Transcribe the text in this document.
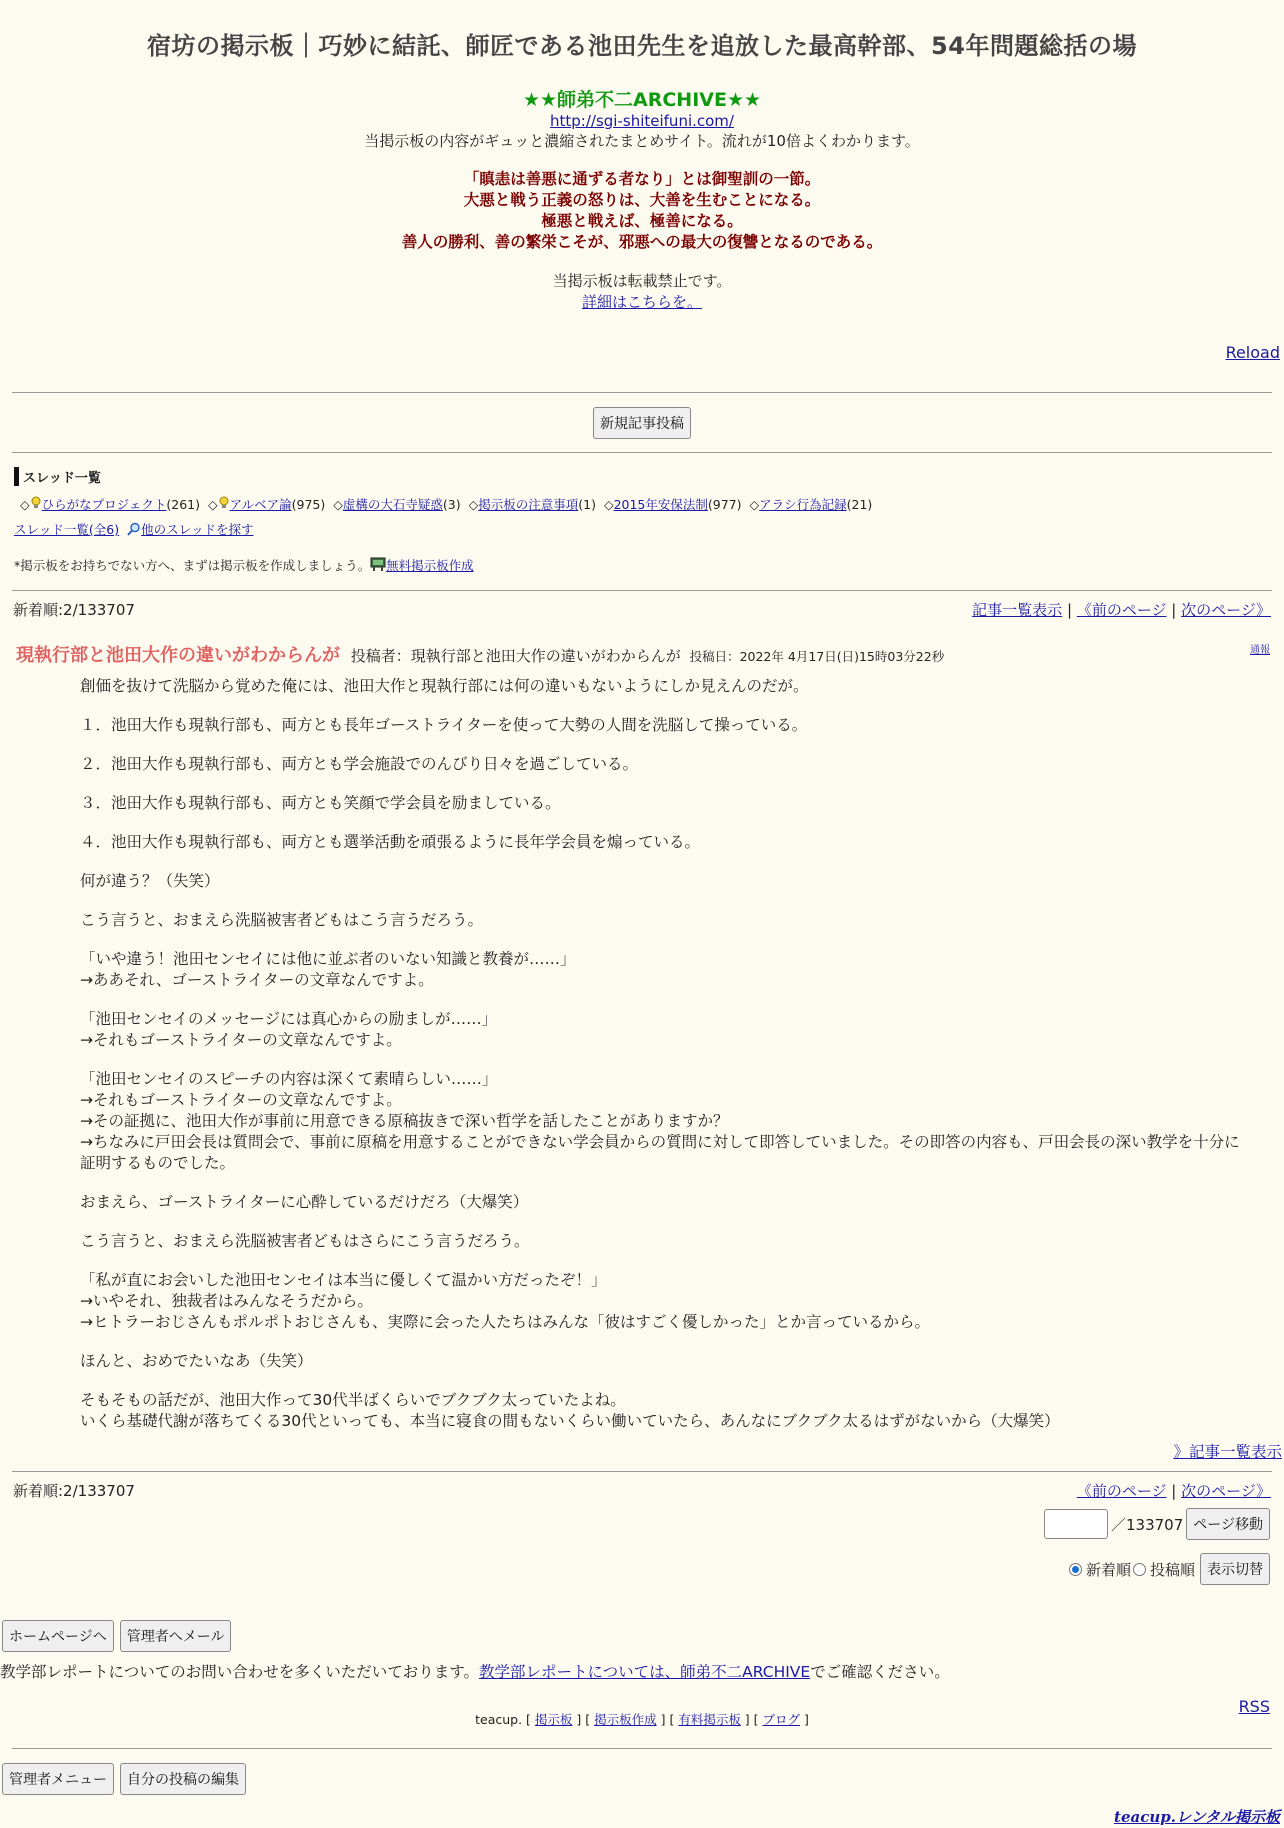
宿坊の掲示板｜巧妙に結託、師匠である池田先生を追放した最高幹部、54年問題総括の場
★★師弟不二ARCHIVE★★
http://sgi-shiteifuni.com/
当掲示板の内容がギュッと濃縮されたまとめサイト。流れが10倍よくわかります。
「瞋恚は善悪に通ずる者なり」とは御聖訓の一節。
大悪と戦う正義の怒りは、大善を生むことになる。
極悪と戦えば、極善になる。
善人の勝利、善の繁栄こそが、邪悪への最大の復讐となるのである。
当掲示板は転載禁止です。
詳細はこちらを。
Reload
新規記事投稿
スレッド一覧
◇ ひらがなプロジェクト(261) ◇ アルベア論(975) ◇虚構の大石寺疑惑(3) ◇掲示板の注意事項(1) ◇2015年安保法制(977) ◇アラシ行為記録(21)
スレッド一覧(全6) 他のスレッドを探す
*掲示板をお持ちでない方へ、まずは掲示板を作成しましょう。 無料掲示板作成
新着順:2/133707	記事一覧表示 | 《前のページ | 次のページ》
現執行部と池田大作の違いがわからんが 投稿者：現執行部と池田大作の違いがわからんが 投稿日：2022年 4月17日(日)15時03分22秒	通報

創価を抜けて洗脳から覚めた俺には、池田大作と現執行部には何の違いもないようにしか見えんのだが。

１．池田大作も現執行部も、両方とも長年ゴーストライターを使って大勢の人間を洗脳して操っている。

２．池田大作も現執行部も、両方とも学会施設でのんびり日々を過ごしている。

３．池田大作も現執行部も、両方とも笑顔で学会員を励ましている。

４．池田大作も現執行部も、両方とも選挙活動を頑張るように長年学会員を煽っている。

何が違う？（失笑）

こう言うと、おまえら洗脳被害者どもはこう言うだろう。

「いや違う！池田センセイには他に並ぶ者のいない知識と教養が……」
→ああそれ、ゴーストライターの文章なんですよ。

「池田センセイのメッセージには真心からの励ましが……」
→それもゴーストライターの文章なんですよ。

「池田センセイのスピーチの内容は深くて素晴らしい……」
→それもゴーストライターの文章なんですよ。
→その証拠に、池田大作が事前に用意できる原稿抜きで深い哲学を話したことがありますか？
→ちなみに戸田会長は質問会で、事前に原稿を用意することができない学会員からの質問に対して即答していました。その即答の内容も、戸田会長の深い教学を十分に証明するものでした。

おまえら、ゴーストライターに心酔しているだけだろ（大爆笑）

こう言うと、おまえら洗脳被害者どもはさらにこう言うだろう。

「私が直にお会いした池田センセイは本当に優しくて温かい方だったぞ！」
→いやそれ、独裁者はみんなそうだから。
→ヒトラーおじさんもポルポトおじさんも、実際に会った人たちはみんな「彼はすごく優しかった」とか言っているから。

ほんと、おめでたいなあ（失笑）

そもそもの話だが、池田大作って30代半ばくらいでブクブク太っていたよね。
いくら基礎代謝が落ちてくる30代といっても、本当に寝食の間もないくらい働いていたら、あんなにブクブク太るはずがないから（大爆笑）

》記事一覧表示
新着順:2/133707	《前のページ | 次のページ》
／133707 ページ移動
新着順 投稿順 表示切替
ホームページへ	管理者へメール
教学部レポートについてのお問い合わせを多くいただいております。教学部レポートについては、師弟不二ARCHIVEでご確認ください。
RSS
teacup. [ 掲示板 ] [ 掲示板作成 ] [ 有料掲示板 ] [ ブログ ]
管理者メニュー	自分の投稿の編集
teacup.レンタル掲示板
